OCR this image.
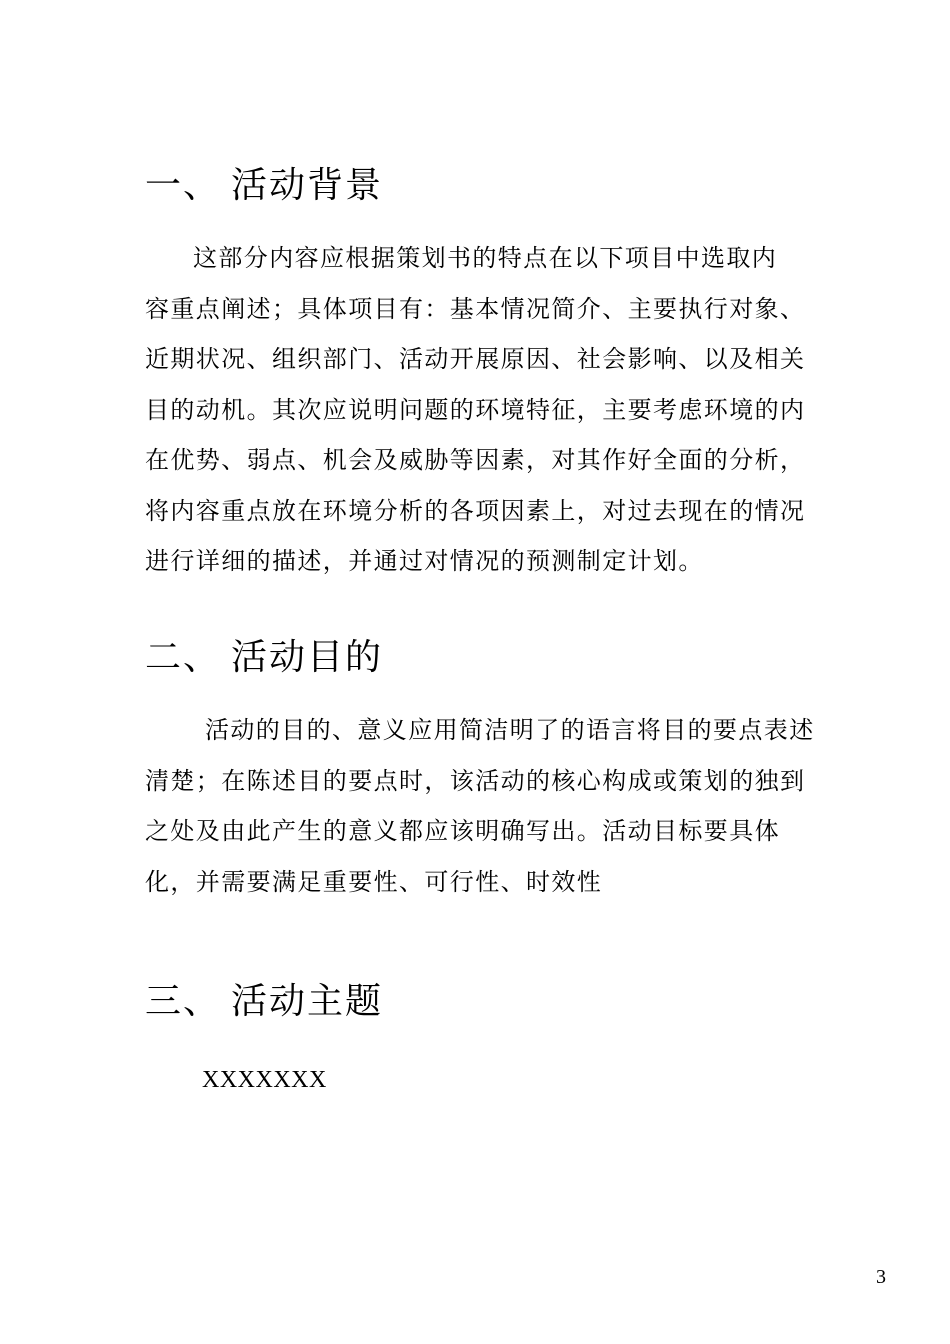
一、 活动背景
这部分内容应根据策划书的特点在以下项目中选取内
容重点阐述；具体项目有：基本情况简介、主要执行对象、
近期状况、组织部门、活动开展原因、社会影响、以及相关
目的动机。其次应说明问题的环境特征，主要考虑环境的内
在优势、弱点、机会及威胁等因素，对其作好全面的分析，
将内容重点放在环境分析的各项因素上，对过去现在的情况
进行详细的描述，并通过对情况的预测制定计划。
二、 活动目的
活动的目的、意义应用简洁明了的语言将目的要点表述
清楚；在陈述目的要点时，该活动的核心构成或策划的独到
之处及由此产生的意义都应该明确写出。活动目标要具体
化，并需要满足重要性、可行性、时效性
三、 活动主题

XXXXXXX

3
